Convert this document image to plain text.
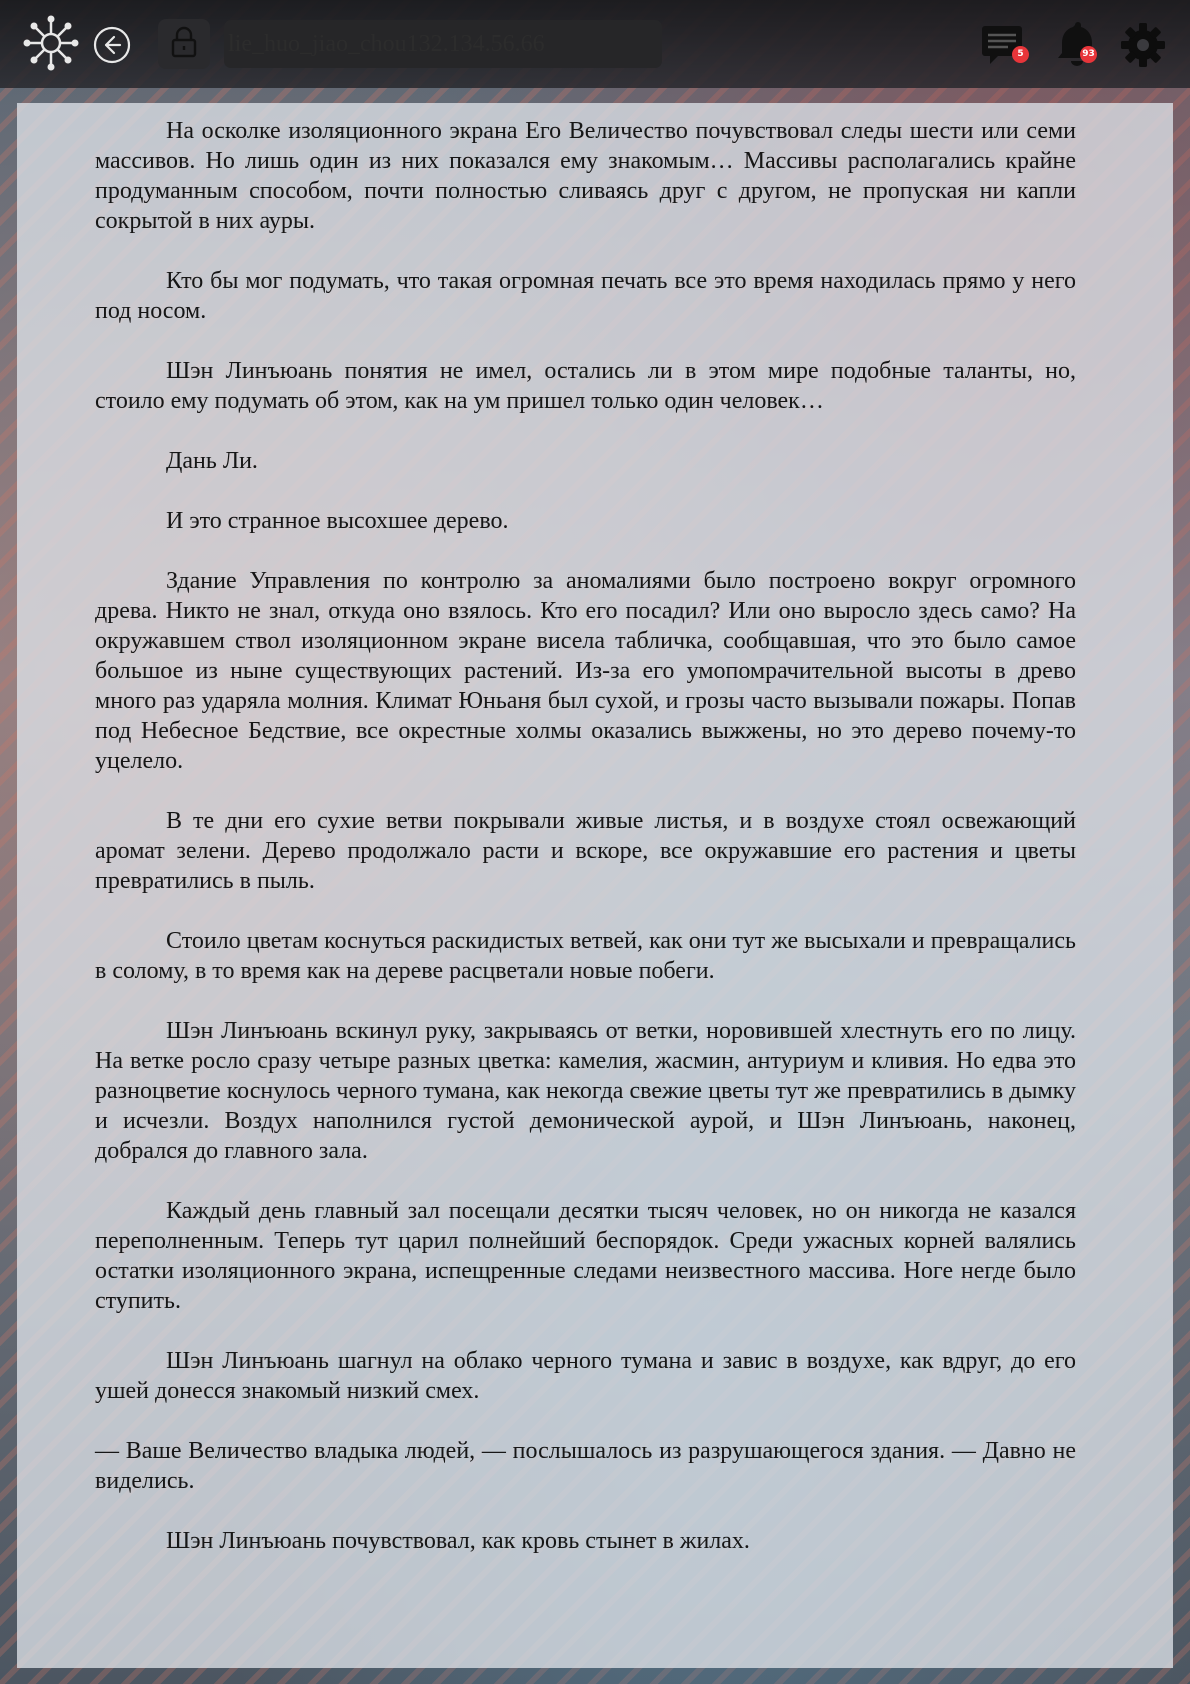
lie_huo_jiao_chou132.134.56.66
5	93

На осколке изоляционного экрана Его Величество почувствовал следы шести или семи массивов. Но лишь один из них показался ему знакомым… Массивы располагались крайне продуманным способом, почти полностью сливаясь друг с другом, не пропуская ни капли сокрытой в них ауры.

Кто бы мог подумать, что такая огромная печать все это время находилась прямо у него под носом.

Шэн Линъюань понятия не имел, остались ли в этом мире подобные таланты, но, стоило ему подумать об этом, как на ум пришел только один человек…

Дань Ли.

И это странное высохшее дерево.

Здание Управления по контролю за аномалиями было построено вокруг огромного древа. Никто не знал, откуда оно взялось. Кто его посадил? Или оно выросло здесь само? На окружавшем ствол изоляционном экране висела табличка, сообщавшая, что это было самое большое из ныне существующих растений. Из-за его умопомрачительной высоты в древо много раз ударяла молния. Климат Юньаня был сухой, и грозы часто вызывали пожары. Попав под Небесное Бедствие, все окрестные холмы оказались выжжены, но это дерево почему-то уцелело.

В те дни его сухие ветви покрывали живые листья, и в воздухе стоял освежающий аромат зелени. Дерево продолжало расти и вскоре, все окружавшие его растения и цветы превратились в пыль.

Стоило цветам коснуться раскидистых ветвей, как они тут же высыхали и превращались в солому, в то время как на дереве расцветали новые побеги.

Шэн Линъюань вскинул руку, закрываясь от ветки, норовившей хлестнуть его по лицу. На ветке росло сразу четыре разных цветка: камелия, жасмин, антуриум и кливия. Но едва это разноцветие коснулось черного тумана, как некогда свежие цветы тут же превратились в дымку и исчезли. Воздух наполнился густой демонической аурой, и Шэн Линъюань, наконец, добрался до главного зала.

Каждый день главный зал посещали десятки тысяч человек, но он никогда не казался переполненным. Теперь тут царил полнейший беспорядок. Среди ужасных корней валялись остатки изоляционного экрана, испещренные следами неизвестного массива. Ноге негде было ступить.

Шэн Линъюань шагнул на облако черного тумана и завис в воздухе, как вдруг, до его ушей донесся знакомый низкий смех.

— Ваше Величество владыка людей, — послышалось из разрушающегося здания. — Давно не виделись.

Шэн Линъюань почувствовал, как кровь стынет в жилах.
